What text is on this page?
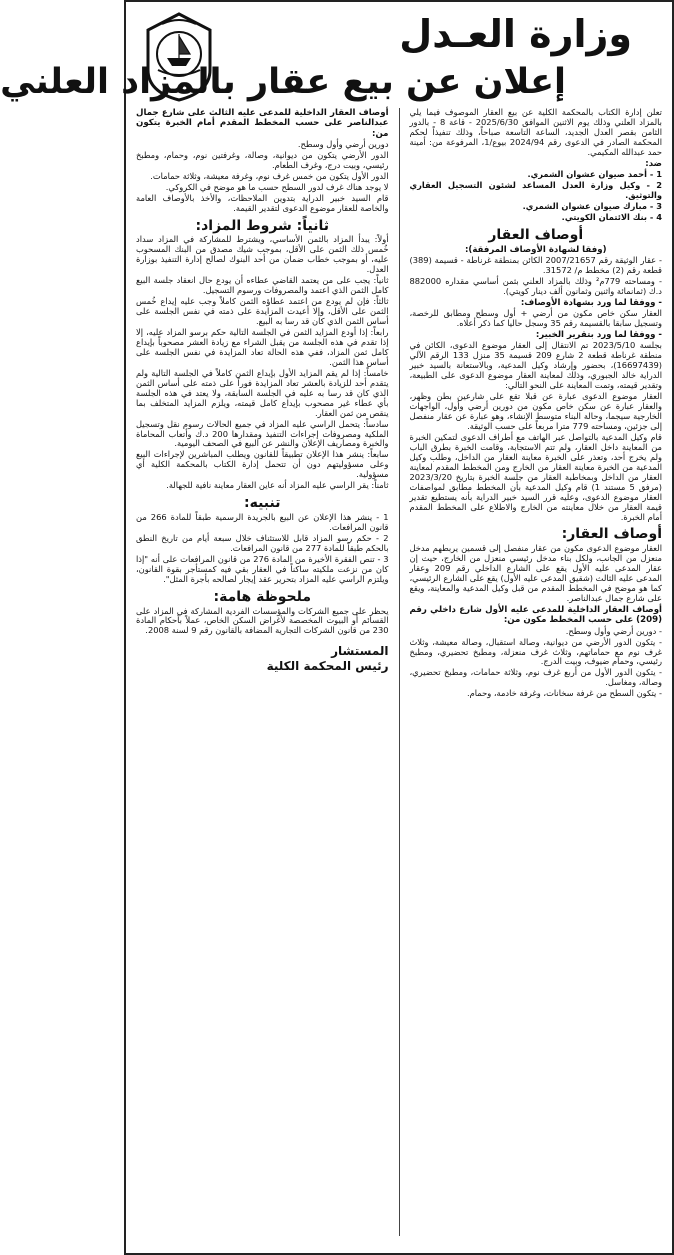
وزارة العـدل
إعلان عن بيع عقار بالمزاد العلني

تعلن إدارة الكتاب بالمحكمة الكلية عن بيع العقار الموصوف فيما يلي بالمزاد العلني وذلك يوم الاثنين الموافق 2025/6/30 - قاعة 8 - بالدور الثامن بقصر العدل الجديد، الساعة التاسعة صباحاً، وذلك تنفيذاً لحكم المحكمة الصادر في الدعوى رقم 2024/94 بيوع/1، المرفوعة من: أمينة حمد عبدالله المكيمي.

ضد:

1 - أحمد صيوان عشوان الشمري.
2 - وكيل وزارة العدل المساعد لشئون التسجيل العقاري والتوثيق.
3 - مبارك صيوان عشوان الشمري.
4 - بنك الائتمان الكويتي.
أوصاف العقار

(وفقا لشهادة الأوصاف المرفقة):

- عقار الوثيقة رقم 2007/21657 الكائن بمنطقة غرناطة - قسيمة (389) قطعة رقم (2) مخطط م/ 31572.

- ومساحته 779م² وذلك بالمزاد العلني بثمن أساسي مقداره 882000 د.ك (ثمانمائة واثنين وثمانون ألف دينار كويتي).

- ووفقا لما ورد بشهادة الأوصاف:

العقار سكن خاص مكون من أرضي + أول وسطح ومطابق للرخصة، وتسجيل سابقا بالقسيمة رقم 35 وسجل حاليا كما ذكر أعلاه.

- ووفقا لما ورد بتقرير الخبير:

بجلسة 2023/5/10 تم الانتقال إلى العقار موضوع الدعوى، الكائن في منطقة غرناطة قطعة 2 شارع 209 قسيمة 35 منزل 133 الرقم الآلي (16697439)، بحضور وإرشاد وكيل المدعية، وبالاستعانة بالسيد خبير الدراية خالد الجبوري، وذلك لمعاينة العقار موضوع الدعوى على الطبيعة، وتقدير قيمته، وتمت المعاينة على النحو التالي:

العقار موضوع الدعوى عبارة عن قبلا تقع على شارعين بطن وظهر، والعقار عبارة عن سكن خاص مكون من دورين أرضي وأول، الواجهات الخارجية سيجما، وحالة البناء متوسط الإنشاء، وهو عبارة عن عقار منفصل إلى جزئين، ومساحته 779 مترا مربعاً على حسب الوثيقة.

قام وكيل المدعية بالتواصل عبر الهاتف مع أطراف الدعوى لتمكين الخبرة من المعاينة داخل العقار، ولم تتم الاستجابة، وقامت الخبرة بطرق الباب ولم يخرج أحد، وتعذر على الخبرة معاينة العقار من الداخل، وطلب وكيل المدعية من الخبرة معاينة العقار من الخارج ومن المخطط المقدم لمعاينة العقار من الداخل وبمخاطبة العقار من جلسة الخبرة بتاريخ 2023/3/20 (مرفق 5 مستند 1) قام وكيل المدعية بأن المخطط مطابق لمواصفات العقار موضوع الدعوى، وعليه قرر السيد خبير الدراية بأنه يستطيع تقدير قيمة العقار من خلال معاينته من الخارج والاطلاع على المخطط المقدم أمام الخبرة.

أوصاف العقار:

العقار موضوع الدعوى مكون من عقار منفصل إلى قسمين يربطهم مدخل منعزل من الجانب، ولكل بناء مدخل رئيسي منعزل من الخارج، حيث إن عقار المدعى عليه الأول يقع على الشارع الداخلي رقم 209 وعقار المدعى عليه الثالث (شقيق المدعى عليه الأول) يقع على الشارع الرئيسي، كما هو موضح في المخطط المقدم من قبل وكيل المدعية والمعاينة، ويقع على شارع جمال عبدالناصر.

أوصاف العقار الداخلية للمدعى عليه الأول شارع داخلي رقم (209) على حسب المخطط مكون من:

- دورين أرضي وأول وسطح.
- يتكون الدور الأرضي من ديوانية، وصالة استقبال، وصالة معيشة، وثلاث غرف نوم مع حماماتهم، وثلاث غرف منعزلة، ومطبخ تحضيري، ومطبخ رئيسي، وحمام ضيوف، وبيت الدرج.
- يتكون الدور الأول من أربع غرف نوم، وثلاثة حمامات، ومطبخ تحضيري، وصالة، ومغاسل.
- يتكون السطح من غرفة سخانات، وغرفة خادمة، وحمام.

أوصاف العقار الداخلية للمدعى عليه الثالث على شارع جمال عبدالناصر على حسب المخطط المقدم أمام الخبرة يتكون من:

دورين أرضي وأول وسطح.
الدور الأرضي يتكون من ديوانية، وصالة، وغرفتين نوم، وحمام، ومطبخ رئيسي، وبيت درج، وغرف الطعام.
الدور الأول يتكون من خمس غرف نوم، وغرفة معيشة، وثلاثة حمامات.
لا يوجد هناك غرف لدور السطح حسب ما هو موضح في الكروكي.
قام السيد خبير الدراية بتدوين الملاحظات، والأخذ بالأوصاف العامة والخاصة للعقار موضوع الدعوى لتقدير القيمة.
ثانياً: شروط المزاد:

أولاً: يبدأ المزاد بالثمن الأساسي، ويشترط للمشاركة في المزاد سداد خُمس ذلك الثمن على الأقل، بموجب شيك مصدق من البنك المسحوب عليه، أو بموجب خطاب ضمان من أحد البنوك لصالح إدارة التنفيذ بوزارة العدل.

ثانياً: يجب على من يعتمد القاضي عطاءه أن يودع حال انعقاد جلسة البيع كامل الثمن الذي اعتمد والمصروفات ورسوم التسجيل.

ثالثاً: فإن لم يودع من اعتمد عطاؤه الثمن كاملاً وجب عليه إيداع خُمس الثمن على الأقل، وإلا أعيدت المزايدة على ذمته في نفس الجلسة على أساس الثمن الذي كان قد رسا به البيع.

رابعاً: إذا أودع المزايد الثمن في الجلسة التالية حكم برسو المزاد عليه، إلا إذا تقدم في هذه الجلسة من يقبل الشراء مع زيادة العشر مصحوباً بإيداع كامل ثمن المزاد، ففي هذه الحالة تعاد المزايدة في نفس الجلسة على أساس هذا الثمن.

خامساً: إذا لم يقم المزايد الأول بإيداع الثمن كاملاً في الجلسة التالية ولم يتقدم أحد للزيادة بالعشر تعاد المزايدة فوراً على ذمته على أساس الثمن الذي كان قد رسا به عليه في الجلسة السابقة، ولا يعتد في هذه الجلسة بأي عطاء غير مصحوب بإيداع كامل قيمته، ويلزم المزايد المتخلف بما ينقص من ثمن العقار.

سادساً: يتحمل الراسي عليه المزاد في جميع الحالات رسوم نقل وتسجيل الملكية ومصروفات إجراءات التنفيذ ومقدارها 200 د.ك وأتعاب المحاماة والخبرة ومصاريف الإعلان والنشر عن البيع في الصحف اليومية.

سابعاً: ينشر هذا الإعلان تطبيقاً للقانون ويطلب المباشرين لإجراءات البيع وعلى مسؤوليتهم دون أن تتحمل إدارة الكتاب بالمحكمة الكلية أي مسؤولية.

ثامناً: يقر الراسي عليه المزاد أنه عاين العقار معاينة نافية للجهالة.

تنبيه:

1 - ينشر هذا الإعلان عن البيع بالجريدة الرسمية طبقاً للمادة 266 من قانون المرافعات.

2 - حكم رسو المزاد قابل للاستئناف خلال سبعة أيام من تاريخ النطق بالحكم طبقاً للمادة 277 من قانون المرافعات.

3 - تنص الفقرة الأخيرة من المادة 276 من قانون المرافعات على أنه "إذا كان من نزعت ملكيته ساكناً في العقار بقي فيه كمستأجر بقوة القانون، ويلتزم الراسي عليه المزاد بتحرير عقد إيجار لصالحه بأجرة المثل".

ملحوظة هامة:

يحظر على جميع الشركات والمؤسسات الفردية المشاركة في المزاد على القسائم أو البيوت المخصصة لأغراض السكن الخاص، عملاً بأحكام المادة 230 من قانون الشركات التجارية المضافة بالقانون رقم 9 لسنة 2008.

المستشار
رئيس المحكمة الكلية
